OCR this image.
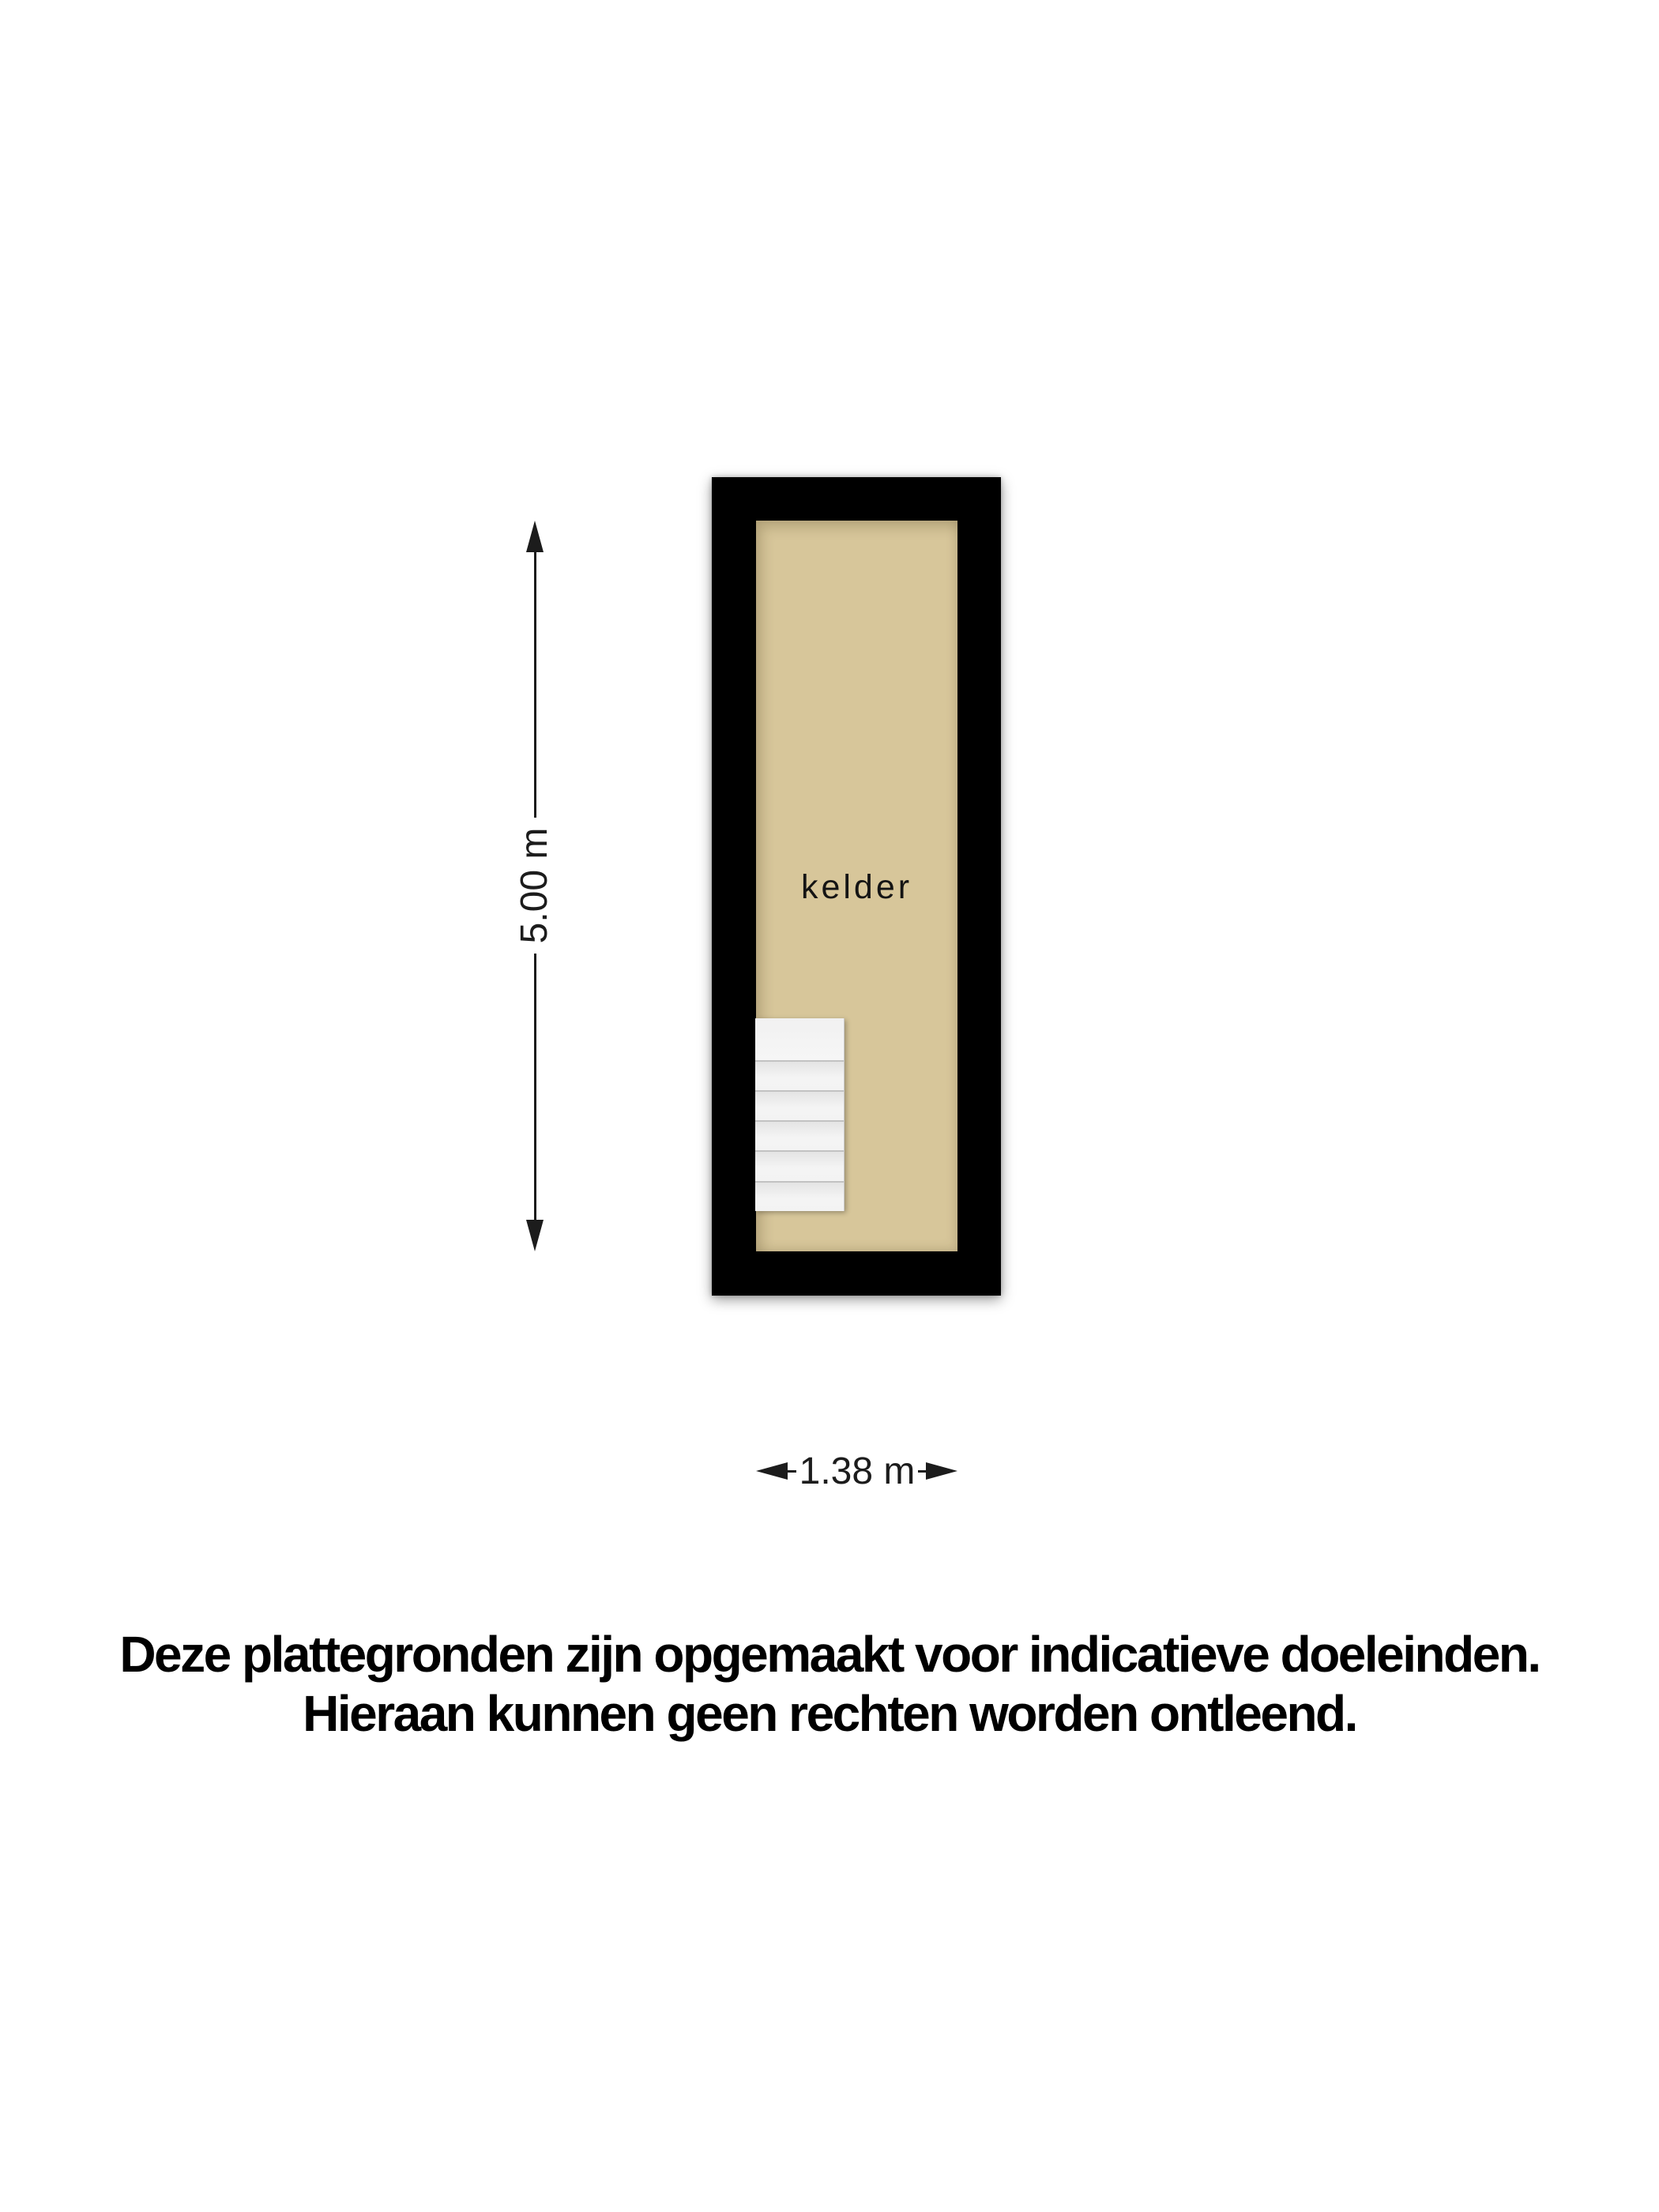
kelder
5.00 m
1.38 m
Deze plattegronden zijn opgemaakt voor indicatieve doeleinden.
Hieraan kunnen geen rechten worden ontleend.
